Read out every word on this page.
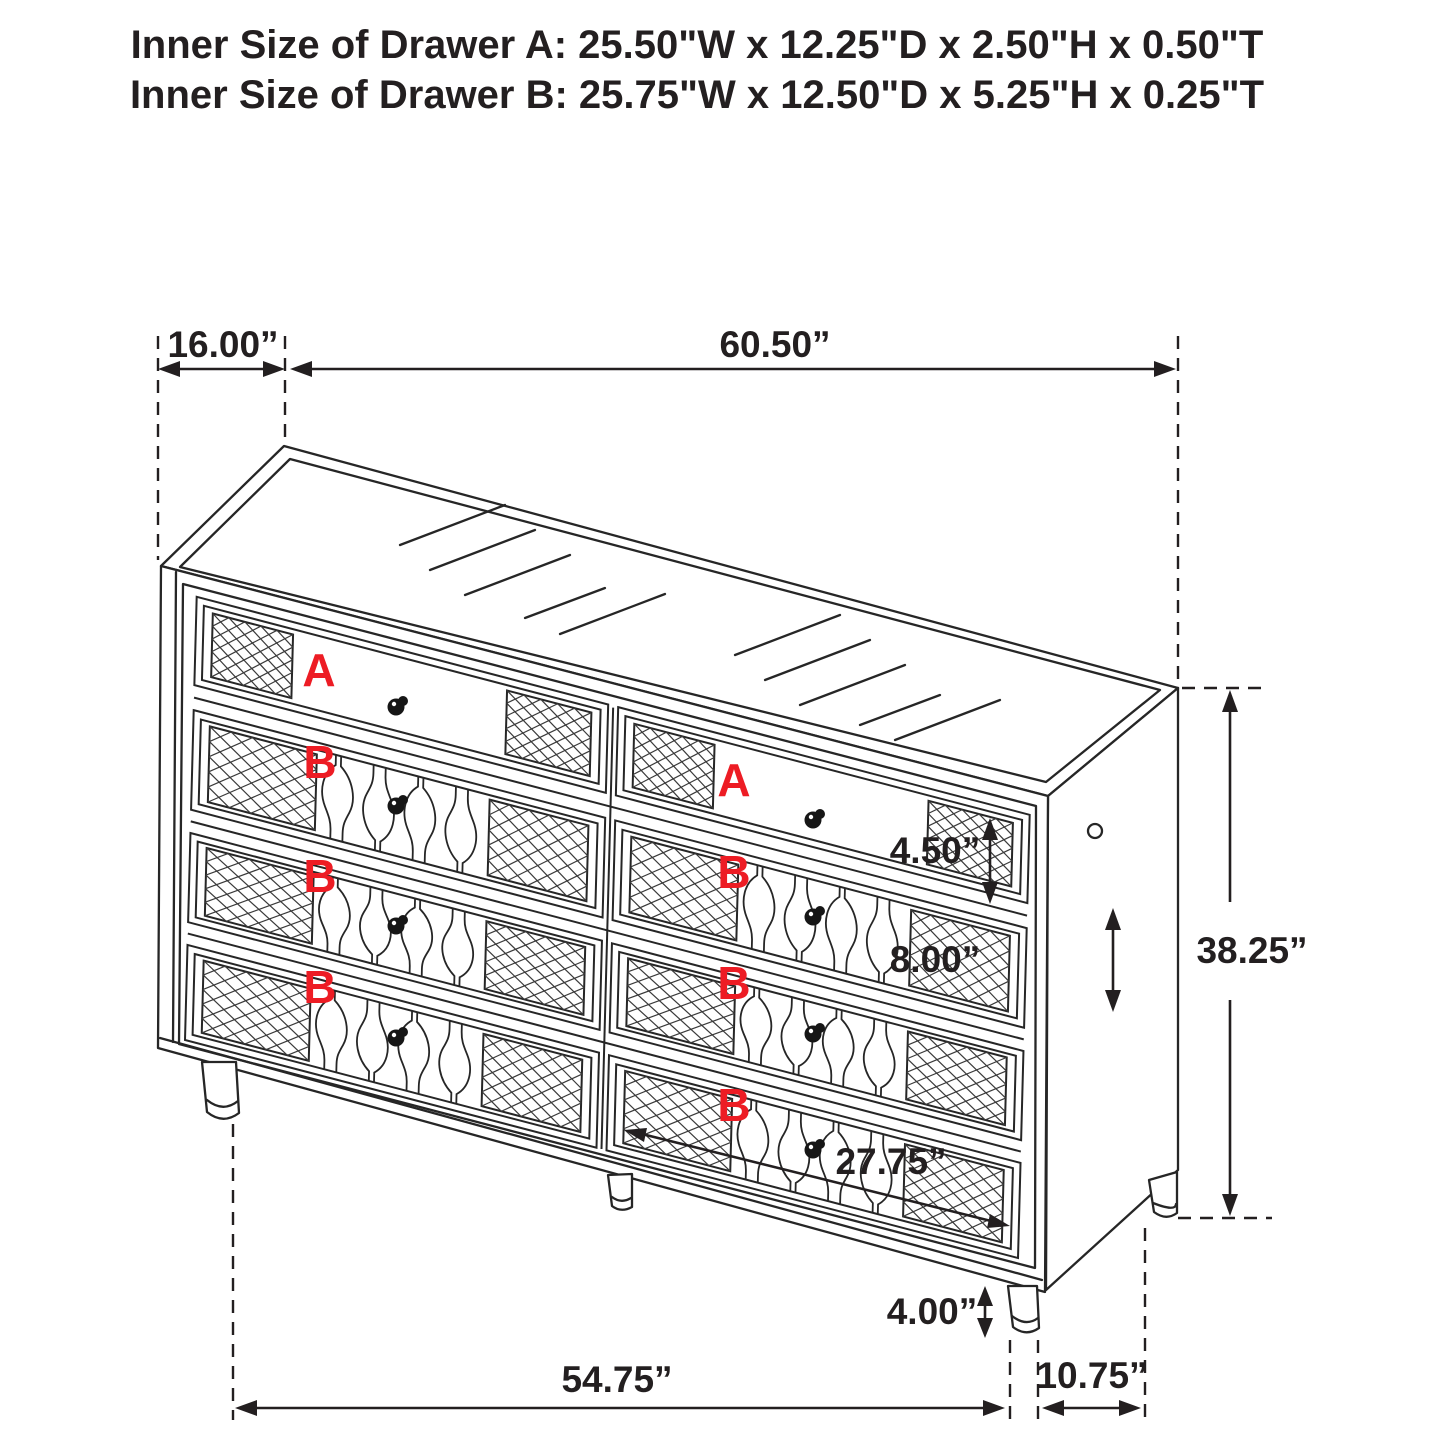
Inner Size of Drawer A: 25.50"W x 12.25"D x 2.50"H x 0.50"T
Inner Size of Drawer B: 25.75"W x 12.50"D x 5.25"H x 0.25"T
A
B
B
B
A
B
B
B
16.00”	60.50”
38.25”
4.50”
8.00”
27.75”
4.00”
54.75”	10.75”
